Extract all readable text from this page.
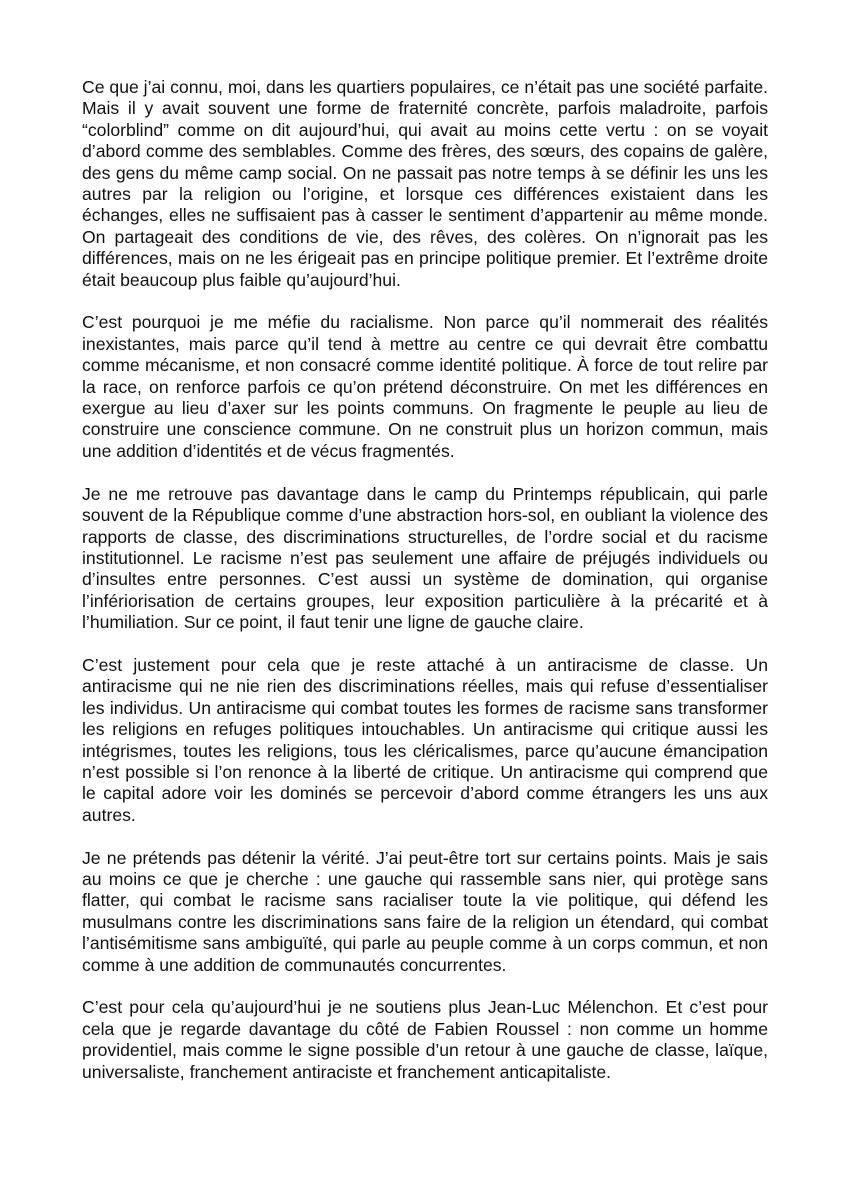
Ce que j’ai connu, moi, dans les quartiers populaires, ce n’était pas une société parfaite. Mais il y avait souvent une forme de fraternité concrète, parfois maladroite, parfois “colorblind” comme on dit aujourd’hui, qui avait au moins cette vertu : on se voyait d’abord comme des semblables. Comme des frères, des sœurs, des copains de galère, des gens du même camp social. On ne passait pas notre temps à se définir les uns les autres par la religion ou l’origine, et lorsque ces différences existaient dans les échanges, elles ne suffisaient pas à casser le sentiment d’appartenir au même monde. On partageait des conditions de vie, des rêves, des colères. On n’ignorait pas les différences, mais on ne les érigeait pas en principe politique premier. Et l’extrême droite était beaucoup plus faible qu’aujourd’hui.

C’est pourquoi je me méfie du racialisme. Non parce qu’il nommerait des réalités inexistantes, mais parce qu’il tend à mettre au centre ce qui devrait être combattu comme mécanisme, et non consacré comme identité politique. À force de tout relire par la race, on renforce parfois ce qu’on prétend déconstruire. On met les différences en exergue au lieu d’axer sur les points communs. On fragmente le peuple au lieu de construire une conscience commune. On ne construit plus un horizon commun, mais une addition d’identités et de vécus fragmentés.

Je ne me retrouve pas davantage dans le camp du Printemps républicain, qui parle souvent de la République comme d’une abstraction hors-sol, en oubliant la violence des rapports de classe, des discriminations structurelles, de l’ordre social et du racisme institutionnel. Le racisme n’est pas seulement une affaire de préjugés individuels ou d’insultes entre personnes. C’est aussi un système de domination, qui organise l’infériorisation de certains groupes, leur exposition particulière à la précarité et à l’humiliation. Sur ce point, il faut tenir une ligne de gauche claire.

C’est justement pour cela que je reste attaché à un antiracisme de classe. Un antiracisme qui ne nie rien des discriminations réelles, mais qui refuse d’essentialiser les individus. Un antiracisme qui combat toutes les formes de racisme sans transformer les religions en refuges politiques intouchables. Un antiracisme qui critique aussi les intégrismes, toutes les religions, tous les cléricalismes, parce qu’aucune émancipation n’est possible si l’on renonce à la liberté de critique. Un antiracisme qui comprend que le capital adore voir les dominés se percevoir d’abord comme étrangers les uns aux autres.

Je ne prétends pas détenir la vérité. J’ai peut-être tort sur certains points. Mais je sais au moins ce que je cherche : une gauche qui rassemble sans nier, qui protège sans flatter, qui combat le racisme sans racialiser toute la vie politique, qui défend les musulmans contre les discriminations sans faire de la religion un étendard, qui combat l’antisémitisme sans ambiguïté, qui parle au peuple comme à un corps commun, et non comme à une addition de communautés concurrentes.

C’est pour cela qu’aujourd’hui je ne soutiens plus Jean-Luc Mélenchon. Et c’est pour cela que je regarde davantage du côté de Fabien Roussel : non comme un homme providentiel, mais comme le signe possible d’un retour à une gauche de classe, laïque, universaliste, franchement antiraciste et franchement anticapitaliste.
